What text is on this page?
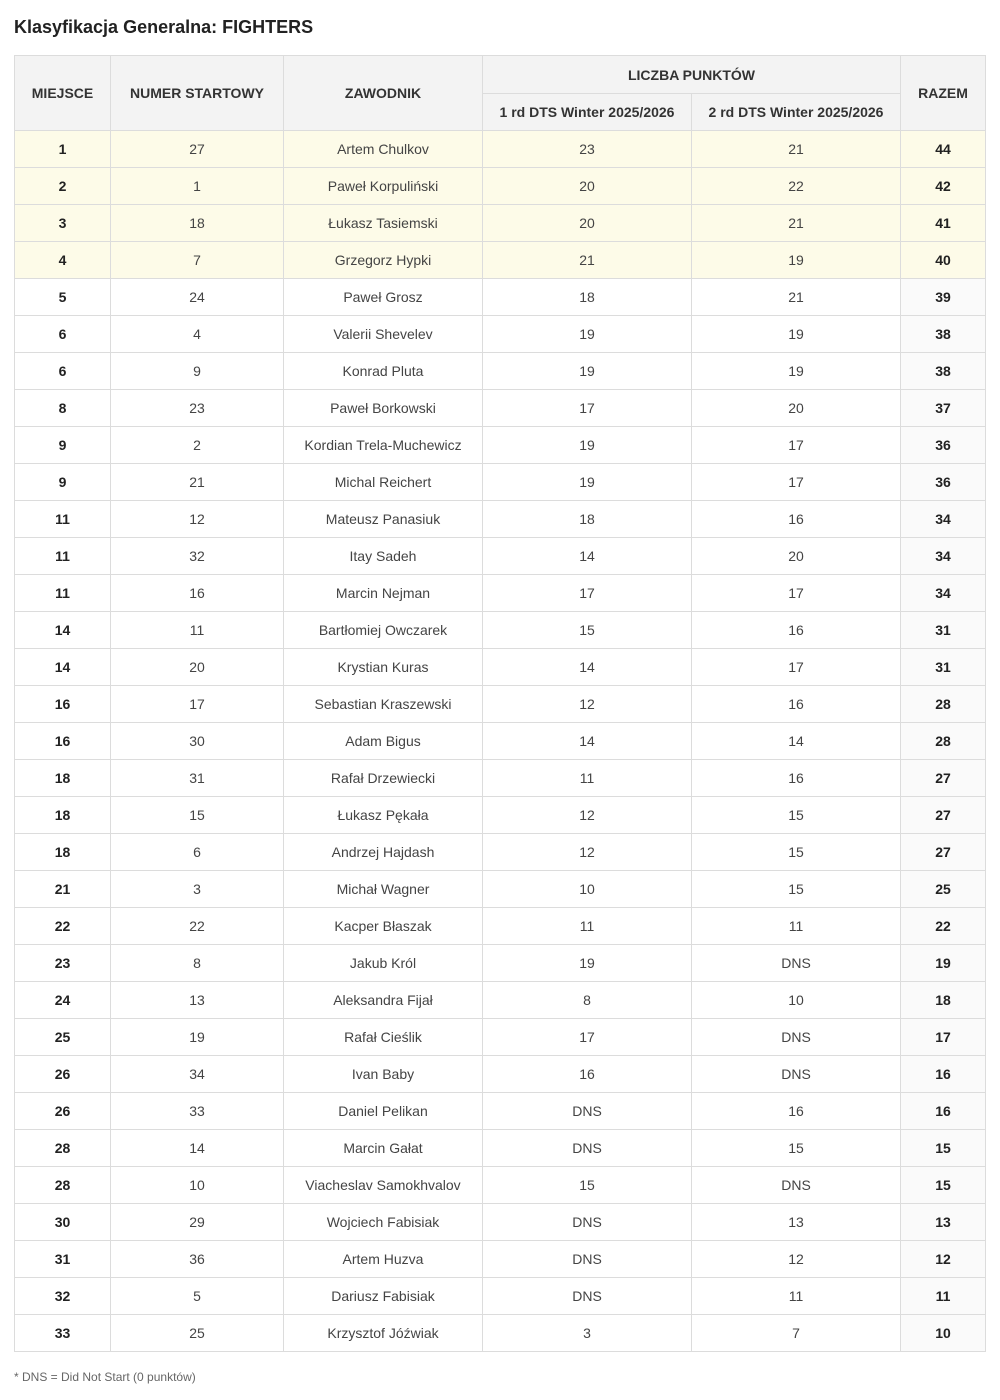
Klasyfikacja Generalna: FIGHTERS
MIEJSCE	NUMER STARTOWY	ZAWODNIK	LICZBA PUNKTÓW		RAZEM
			1 rd DTS Winter 2025/2026	2 rd DTS Winter 2025/2026	
1	27	Artem Chulkov	23	21	44
2	1	Paweł Korpuliński	20	22	42
3	18	Łukasz Tasiemski	20	21	41
4	7	Grzegorz Hypki	21	19	40
5	24	Paweł Grosz	18	21	39
6	4	Valerii Shevelev	19	19	38
6	9	Konrad Pluta	19	19	38
8	23	Paweł Borkowski	17	20	37
9	2	Kordian Trela-Muchewicz	19	17	36
9	21	Michal Reichert	19	17	36
11	12	Mateusz Panasiuk	18	16	34
11	32	Itay Sadeh	14	20	34
11	16	Marcin Nejman	17	17	34
14	11	Bartłomiej Owczarek	15	16	31
14	20	Krystian Kuras	14	17	31
16	17	Sebastian Kraszewski	12	16	28
16	30	Adam Bigus	14	14	28
18	31	Rafał Drzewiecki	11	16	27
18	15	Łukasz Pękała	12	15	27
18	6	Andrzej Hajdash	12	15	27
21	3	Michał Wagner	10	15	25
22	22	Kacper Błaszak	11	11	22
23	8	Jakub Król	19	DNS	19
24	13	Aleksandra Fijał	8	10	18
25	19	Rafał Cieślik	17	DNS	17
26	34	Ivan Baby	16	DNS	16
26	33	Daniel Pelikan	DNS	16	16
28	14	Marcin Gałat	DNS	15	15
28	10	Viacheslav Samokhvalov	15	DNS	15
30	29	Wojciech Fabisiak	DNS	13	13
31	36	Artem Huzva	DNS	12	12
32	5	Dariusz Fabisiak	DNS	11	11
33	25	Krzysztof Jóźwiak	3	7	10

* DNS = Did Not Start (0 punktów)
